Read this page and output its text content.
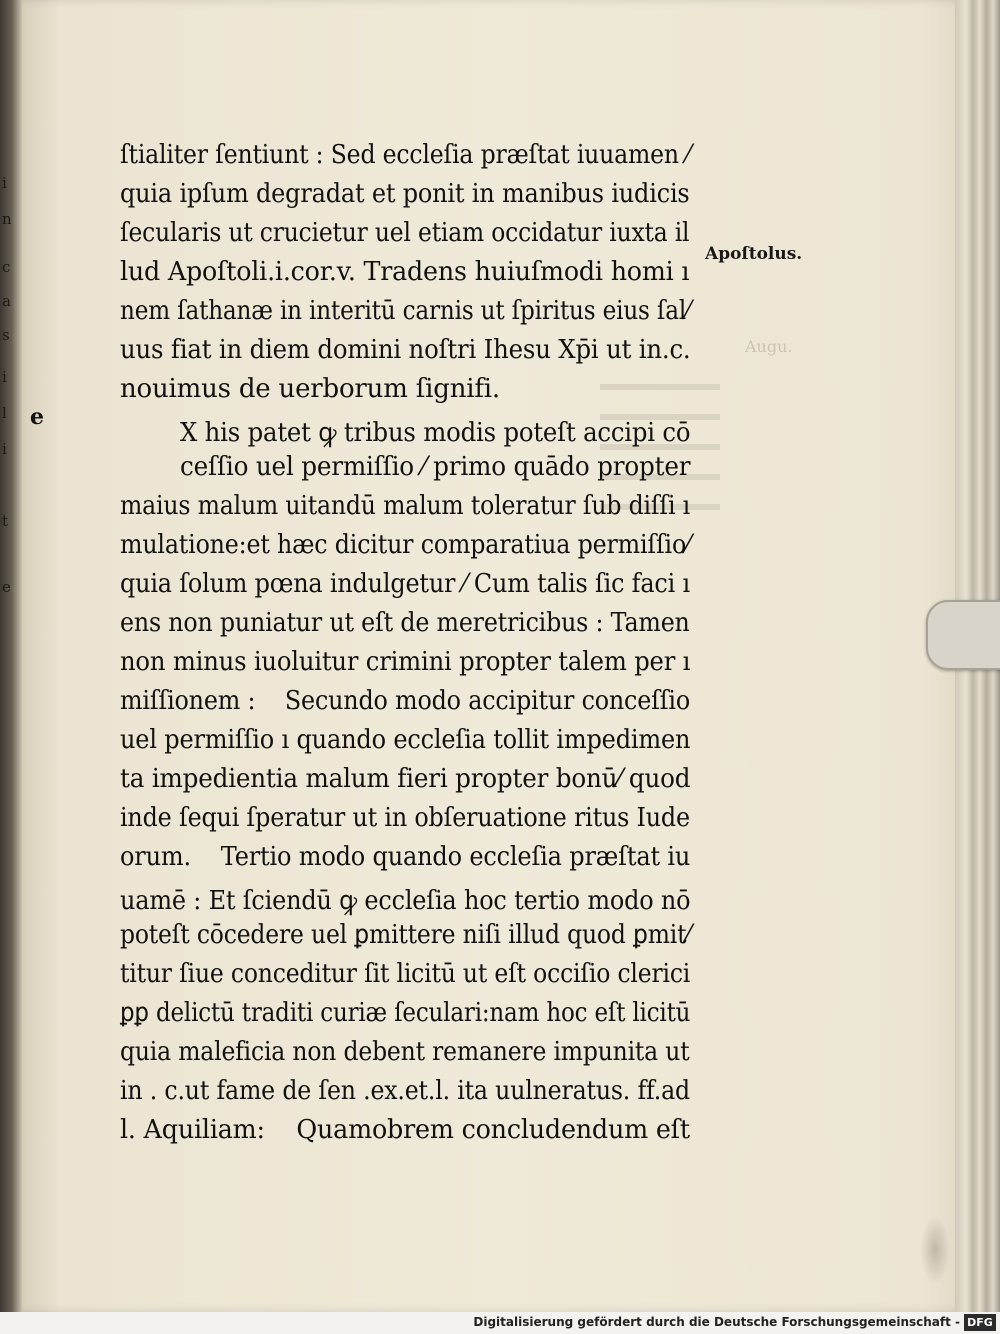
i
n
c
a
s
i
l
i
t
e
Augu.
ſtialiter ſentiunt : Sed eccleſia præſtat iuuamen ⁄
quia ipſum degradat et ponit in manibus iudicis
ſecularis ut crucietur uel etiam occidatur iuxta il
lud Apoſtoli.i.cor.v. Tradens huiuſmodi homi ı
nem ſathanæ in interitū carnis ut ſpiritus eius ſal⁄
uus fiat in diem domini noſtri Ihesu Xp̄i ut in.c.
nouimus de uerborum ſignifi.
X his patet ꝙ tribus modis poteſt accipi cō
ceſſio uel permiſſio ⁄ primo quādo propter
maius malum uitandū malum toleratur ſub diſſi ı
mulatione:et hæc dicitur comparatiua permiſſio⁄
quia ſolum pœna indulgetur ⁄ Cum talis ſic faci ı
ens non puniatur ut eſt de meretricibus : Tamen
non minus iuoluitur crimini propter talem per ı
miſſionem :    Secundo modo accipitur conceſſio
uel permiſſio ı quando eccleſia tollit impedimen
ta impedientia malum fieri propter bonū⁄ quod
inde ſequi ſperatur ut in obſeruatione ritus Iude
orum.    Tertio modo quando eccleſia præſtat iu
uamē : Et ſciendū ꝙ eccleſia hoc tertio modo nō
poteſt cōcedere uel ꝑmittere niſi illud quod ꝑmit⁄
titur ſiue conceditur ſit licitū ut eſt occiſio clerici
ꝑꝑ delictū traditi curiæ ſeculari:nam hoc eſt licitū
quia maleficia non debent remanere impunita ut
in . c.ut fame de ſen .ex.et.l. ita uulneratus. ff.ad
l. Aquiliam:    Quamobrem concludendum eſt
e
Apoſtolus.
Digitalisierung gefördert durch die Deutsche Forschungsgemeinschaft - DFG
